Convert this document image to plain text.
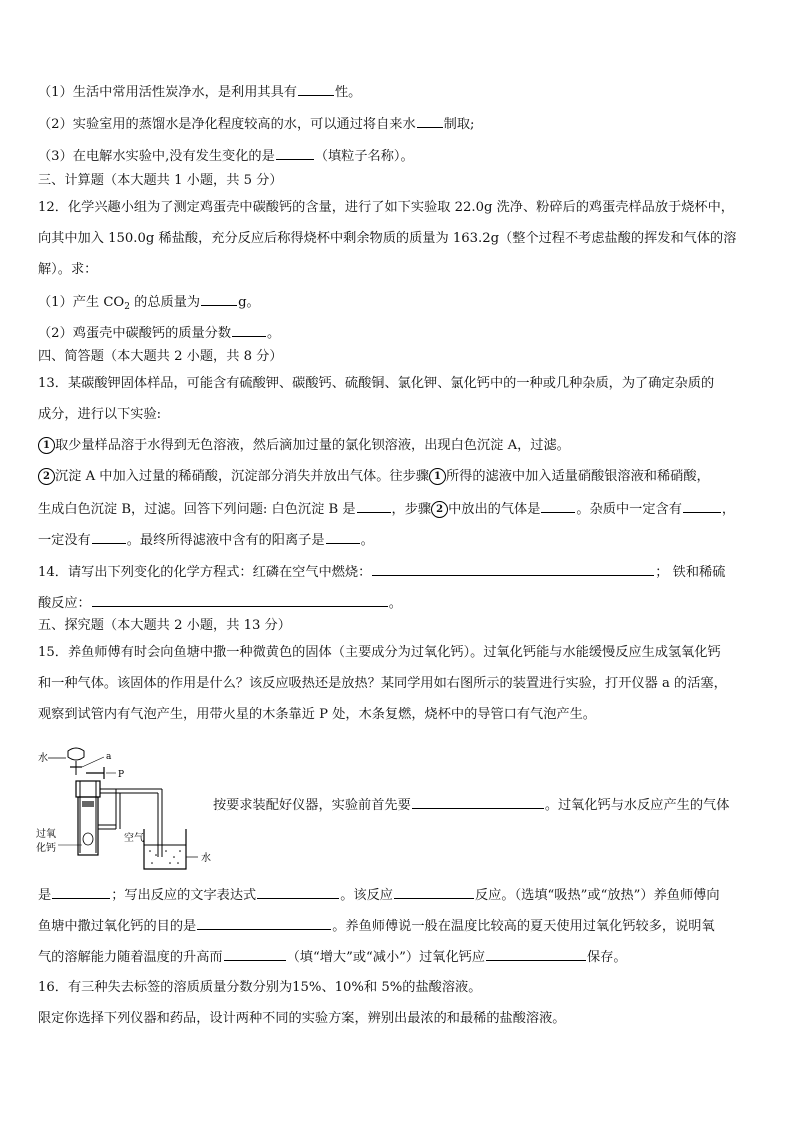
（1）生活中常用活性炭净水，是利用其具有	性。
（2）实验室用的蒸馏水是净化程度较高的水，可以通过将自来水 制取;
（3）在电解水实验中,没有发生变化的是	（填粒子名称）。
三、计算题（本大题共 1 小题，共 5 分）
12．化学兴趣小组为了测定鸡蛋壳中碳酸钙的含量，进行了如下实验取 22.0g 洗净、粉碎后的鸡蛋壳样品放于烧杯中，
向其中加入 150.0g 稀盐酸，充分反应后称得烧杯中剩余物质的质量为 163.2g（整个过程不考虑盐酸的挥发和气体的溶
解）。求：
（1）产生 $CO_2$ 的总质量为	g。
（2）鸡蛋壳中碳酸钙的质量分数	。
四、简答题（本大题共 2 小题，共 8 分）
13．某碳酸钾固体样品，可能含有硫酸钾、碳酸钙、硫酸铜、氯化钾、氯化钙中的一种或几种杂质，为了确定杂质的
成分，进行以下实验:
1 取少量样品溶于水得到无色溶液，然后滴加过量的氯化钡溶液，出现白色沉淀 A，过滤。
2 沉淀 A 中加入过量的稀硝酸，沉淀部分消失并放出气体。往步骤 1 所得的滤液中加入适量硝酸银溶液和稀硝酸，
生成白色沉淀 B，过滤。回答下列问题: 白色沉淀 B 是	，步骤 2 中放出的气体是	。杂质中一定含有	，
一定没有	。最终所得滤液中含有的阳离子是	。
14．请写出下列变化的化学方程式：红磷在空气中燃烧：	； 铁和稀硫
酸反应：	。
五、探究题（本大题共 2 小题，共 13 分）
15．养鱼师傅有时会向鱼塘中撒一种微黄色的固体（主要成分为过氧化钙）。过氧化钙能与水能缓慢反应生成氢氧化钙
和一种气体。该固体的作用是什么？该反应吸热还是放热？某同学用如右图所示的装置进行实验，打开仪器 a 的活塞，
观察到试管内有气泡产生，用带火星的木条靠近 P 处，木条复燃，烧杯中的导管口有气泡产生。
水	a
P
水
过氧
化钙
空气
按要求装配好仪器，实验前首先要	。过氧化钙与水反应产生的气体
是	；写出反应的文字表达式	。该反应	反应。（选填“吸热”或“放热”）养鱼师傅向
鱼塘中撒过氧化钙的目的是	。养鱼师傅说一般在温度比较高的夏天使用过氧化钙较多，说明氧
气的溶解能力随着温度的升高而	（填“增大”或“减小”）过氧化钙应	保存。
16．有三种失去标签的溶质质量分数分别为15%、10%和 5%的盐酸溶液。
限定你选择下列仪器和药品，设计两种不同的实验方案，辨别出最浓的和最稀的盐酸溶液。
